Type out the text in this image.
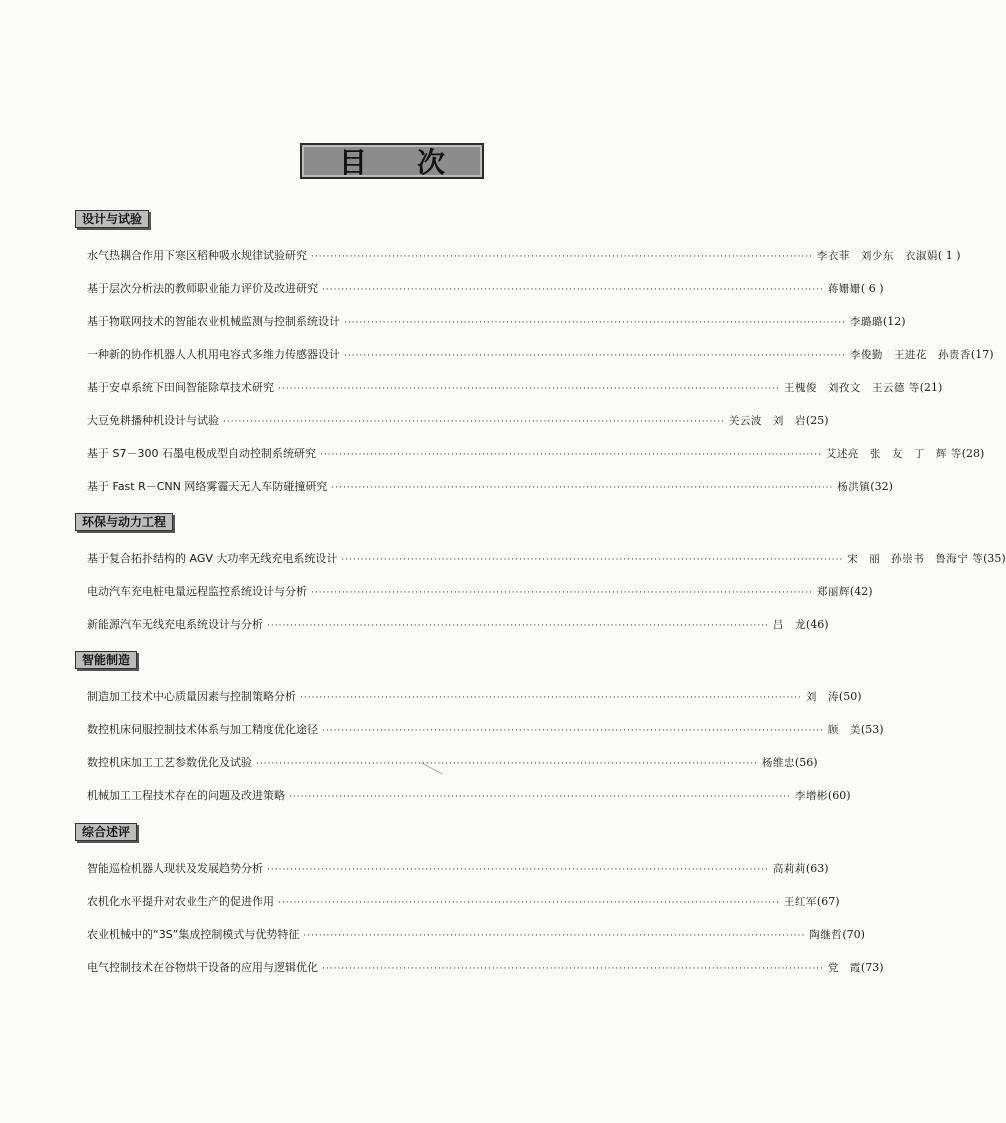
目次
设计与试验
水气热耦合作用下寒区稻种吸水规律试验研究 ·································································································································· 李衣菲　刘少东　衣淑娟 ( 1 )
基于层次分析法的教师职业能力评价及改进研究 ·································································································································· 蒋姗姗 ( 6 )
基于物联网技术的智能农业机械监测与控制系统设计 ·································································································································· 李璐璐 (12)
一种新的协作机器人人机用电容式多维力传感器设计 ·································································································································· 李俊勤　王进花　孙贵香 (17)
基于安卓系统下田间智能除草技术研究 ·································································································································· 王槐俊　刘孜文　王云德 等 (21)
大豆免耕播种机设计与试验 ·································································································································· 关云波　刘　岩 (25)
基于 S7－300 石墨电极成型自动控制系统研究 ·································································································································· 艾述亮　张　友　丁　辉 等 (28)
基于 Fast R－CNN 网络雾霾天无人车防碰撞研究 ·································································································································· 杨洪镇 (32)
环保与动力工程
基于复合拓扑结构的 AGV 大功率无线充电系统设计 ·································································································································· 宋　丽　孙崇书　鲁海宁 等 (35)
电动汽车充电桩电量远程监控系统设计与分析 ·································································································································· 郑丽辉 (42)
新能源汽车无线充电系统设计与分析 ·································································································································· 吕　龙 (46)
智能制造
制造加工技术中心质量因素与控制策略分析 ·································································································································· 刘　涛 (50)
数控机床伺服控制技术体系与加工精度优化途径 ·································································································································· 顾　美 (53)
数控机床加工工艺参数优化及试验 ·································································································································· 杨维忠 (56)
机械加工工程技术存在的问题及改进策略 ·································································································································· 李增彬 (60)
综合述评
智能巡检机器人现状及发展趋势分析 ·································································································································· 高莉莉 (63)
农机化水平提升对农业生产的促进作用 ·································································································································· 王红军 (67)
农业机械中的“3S”集成控制模式与优势特征 ·································································································································· 陶继哲 (70)
电气控制技术在谷物烘干设备的应用与逻辑优化 ·································································································································· 党　霞 (73)
